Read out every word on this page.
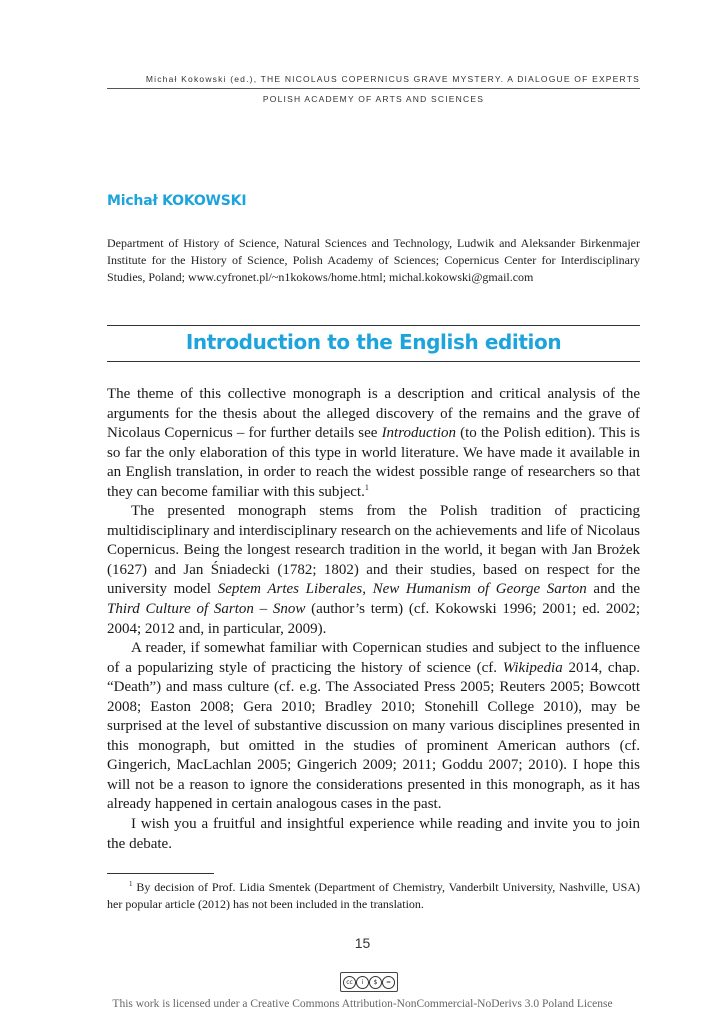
Michał Kokowski (ed.), THE NICOLAUS COPERNICUS GRAVE MYSTERY. A DIALOGUE OF EXPERTS
POLISH ACADEMY OF ARTS AND SCIENCES
Michał KOKOWSKI
Department of History of Science, Natural Sciences and Technology, Ludwik and Aleksander Birkenmajer Institute for the History of Science, Polish Academy of Sciences; Copernicus Center for Interdisciplinary Studies, Poland; www.cyfronet.pl/~n1kokows/home.html; michal.kokowski@gmail.com
Introduction to the English edition

The theme of this collective monograph is a description and critical analysis of the arguments for the thesis about the alleged discovery of the remains and the grave of Nicolaus Copernicus – for further details see Introduction (to the Polish edition). This is so far the only elaboration of this type in world literature. We have made it available in an English translation, in order to reach the widest possible range of researchers so that they can become familiar with this subject.$^1$

The presented monograph stems from the Polish tradition of practicing multidisciplinary and interdisciplinary research on the achievements and life of Nicolaus Copernicus. Being the longest research tradition in the world, it began with Jan Brożek (1627) and Jan Śniadecki (1782; 1802) and their studies, based on respect for the university model Septem Artes Liberales, New Humanism of George Sarton and the Third Culture of Sarton – Snow (author’s term) (cf. Kokowski 1996; 2001; ed. 2002; 2004; 2012 and, in particular, 2009).

A reader, if somewhat familiar with Copernican studies and subject to the influence of a popularizing style of practicing the history of science (cf. Wikipedia 2014, chap. “Death”) and mass culture (cf. e.g. The Associated Press 2005; Reuters 2005; Bowcott 2008; Easton 2008; Gera 2010; Bradley 2010; Stonehill College 2010), may be surprised at the level of substantive discussion on many various disciplines presented in this monograph, but omitted in the studies of prominent American authors (cf. Gingerich, MacLachlan 2005; Gingerich 2009; 2011; Goddu 2007; 2010). I hope this will not be a reason to ignore the considerations presented in this monograph, as it has already happened in certain analogous cases in the past.

I wish you a fruitful and insightful experience while reading and invite you to join the debate.

$^1$ By decision of Prof. Lidia Smentek (Department of Chemistry, Vanderbilt University, Nashville, USA) her popular article (2012) has not been included in the translation.
15
cc	i	$	=
This work is licensed under a Creative Commons Attribution-NonCommercial-NoDerivs 3.0 Poland License
